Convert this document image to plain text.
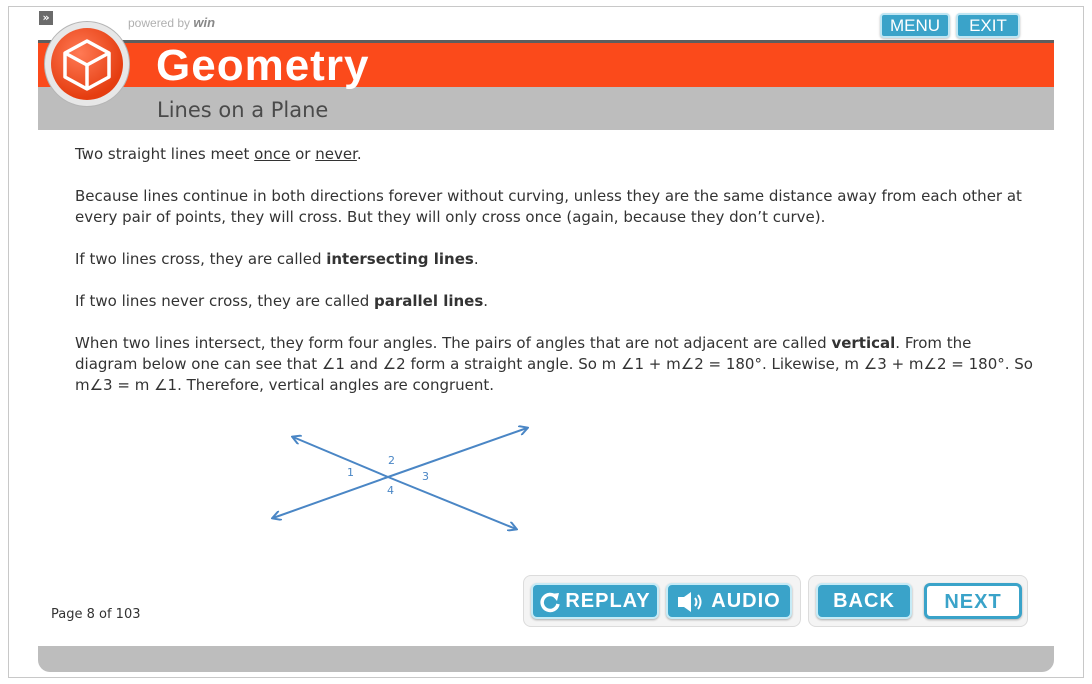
»	powered by win	MENU	EXIT
Geometry
Lines on a Plane

Two straight lines meet once or never.

Because lines continue in both directions forever without curving, unless they are the same distance away from each other at every pair of points, they will cross. But they will only cross once (again, because they don’t curve).

If two lines cross, they are called intersecting lines.

If two lines never cross, they are called parallel lines.

When two lines intersect, they form four angles. The pairs of angles that are not adjacent are called vertical. From the diagram below one can see that ∠1 and ∠2 form a straight angle. So m ∠1 + m∠2 = 180°. Likewise, m ∠3 + m∠2 = 180°. So m∠3 = m ∠1. Therefore, vertical angles are congruent.

1
2
3
4
Page 8 of 103
REPLAY	AUDIO	BACK	NEXT
